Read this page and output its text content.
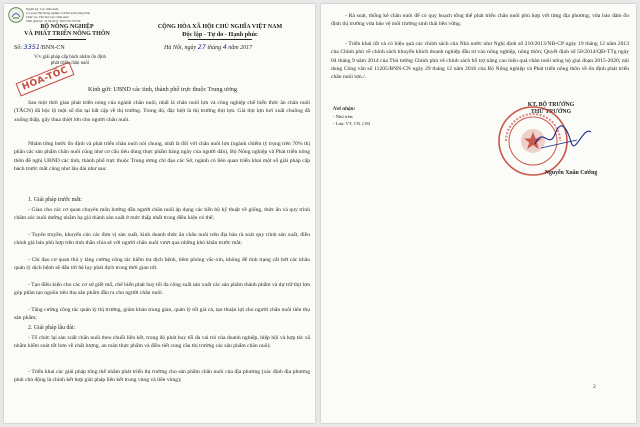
Người ký: Cục chăn nuôi
Cơ quan: Bộ Nông nghiệp và Phát triển nông thôn
Chức vụ: Văn thư Cục Chăn nuôi
Thời gian ký: 27.04.2017 16:07:09 +07:00
BỘ NÔNG NGHIỆP
VÀ PHÁT TRIỂN NÔNG THÔN
Số: 3351/BNN-CN
V/v giải pháp cấp bách nhằm ổn định
phát triển chăn nuôi
HỎA-TỐC
CỘNG HÒA XÃ HỘI CHỦ NGHĨA VIỆT NAM
Độc lập - Tự do - Hạnh phúc
Hà Nội, ngày 27 tháng 4 năm 2017
Kính gửi: UBND các tỉnh, thành phố trực thuộc Trung ương
Sau một thời gian phát triển nóng của ngành chăn nuôi, nhất là chăn nuôi lợn và công nghiệp chế biến thức ăn chăn nuôi (TĂCN) đã bộc lộ một số tồn tại bất cập về thị trường. Trong đó, đặc biệt là thị trường thịt lợn. Giá thịt lợn hơi xuất chuồng đã xuống thấp, gây thua thiệt lớn cho người chăn nuôi.
Nhằm từng bước ổn định và phát triển chăn nuôi nói chung, nhất là đối với chăn nuôi lợn (ngành chiếm tỷ trọng trên 70% thị phần các sản phẩm chăn nuôi cũng như cơ cấu tiêu dùng thực phẩm hàng ngày của người dân), Bộ Nông nghiệp và Phát triển nông thôn đề nghị UBND các tỉnh, thành phố trực thuộc Trung ương chỉ đạo các Sở, ngành có liên quan triển khai một số giải pháp cấp bách trước mắt cũng như lâu dài như sau:
1. Giải pháp trước mắt:
- Giao cho các cơ quan chuyên môn hướng dẫn người chăn nuôi áp dụng các tiến bộ kỹ thuật về giống, thức ăn và quy trình chăm sóc nuôi dưỡng nhằm hạ giá thành sản xuất ở mức thấp nhất trong điều kiện có thể;
- Tuyên truyền, khuyến cáo các đơn vị sản xuất, kinh doanh thức ăn chăn nuôi trên địa bàn rà soát quy trình sản xuất, điều chỉnh giá bán phù hợp trên tinh thần chia sẻ với người chăn nuôi vượt qua những khó khăn trước mắt;
- Chỉ đạo cơ quan thú y tăng cường công tác kiểm tra dịch bệnh, tiêm phòng vắc-xin, không để tình trạng cắt bớt các khâu quản lý dịch bệnh sẽ dẫn tới hệ lụy phát dịch trong thời gian tới.
- Tạo điều kiện cho các cơ sở giết mổ, chế biến phát huy tối đa công suất sản xuất các sản phẩm thành phẩm và dự trữ thịt lợn góp phần tạo nguồn tiêu thụ sản phẩm đầu ra cho người chăn nuôi.
- Tăng cường công tác quản lý thị trường, giám khảo trung gian, quản lý tốt giá cả, tạo thuận lợi cho người chăn nuôi tiêu thụ sản phẩm;
2. Giải pháp lâu dài:
- Tổ chức lại sản xuất chăn nuôi theo chuỗi liên kết, trong đó phát huy tối đa vai trò của doanh nghiệp, hiệp hội và hợp tác xã nhằm kiểm soát tốt hơn về chất lượng, an toàn thực phẩm và điều tiết cung cầu thị trường các sản phẩm chăn nuôi;
- Triển khai các giải pháp tổng thể nhằm phát triển thị trường cho sản phẩm chăn nuôi của địa phương (xác định địa phương phải chủ động là chính kết hợp giải pháp liên kết trong vùng và liên vùng);
- Rà soát, thống kê chăn nuôi để có quy hoạch tổng thể phát triển chăn nuôi phù hợp với từng địa phương; vừa bảo đảm ổn định thị trường vừa bảo vệ môi trường sinh thái bền vững.
- Triển khai tốt và có hiệu quả các chính sách của Nhà nước như Nghị định số 210/2013/NĐ-CP ngày 19 tháng 12 năm 2013 của Chính phủ về chính sách khuyến khích doanh nghiệp đầu tư vào nông nghiệp, nông thôn; Quyết định số 50/2014/QĐ-TTg ngày 04 tháng 9 năm 2014 của Thủ tướng Chính phủ về chính sách hỗ trợ nâng cao hiệu quả chăn nuôi nông hộ giai đoạn 2015-2020; nội dung Công văn số 11205/BNN-CN ngày 29 tháng 12 năm 2016 của Bộ Nông nghiệp và Phát triển nông thôn về ổn định phát triển chăn nuôi lợn./.
Nơi nhận:
- Như trên;
- Lưu: VT, CN. (18)
KT. BỘ TRƯỞNG
THỨ TRƯỞNG
Nguyễn Xuân Cường
2
